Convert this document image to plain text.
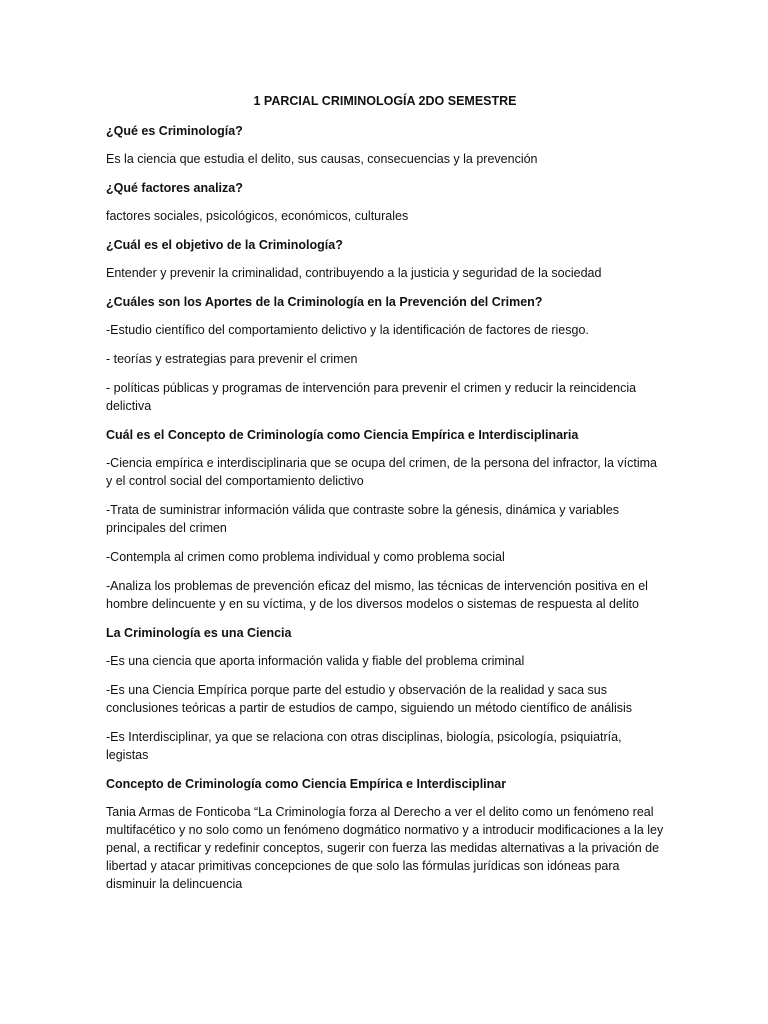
1 PARCIAL CRIMINOLOGÍA 2DO SEMESTRE
¿Qué es Criminología?
Es la ciencia que estudia el delito, sus causas, consecuencias y la prevención
¿Qué factores analiza?
factores sociales, psicológicos, económicos, culturales
¿Cuál es el objetivo de la Criminología?
Entender y prevenir la criminalidad, contribuyendo a la justicia y seguridad de la sociedad
¿Cuáles son los Aportes de la Criminología en la Prevención del Crimen?
-Estudio científico del comportamiento delictivo y la identificación de factores de riesgo.
- teorías y estrategias para prevenir el crimen
- políticas públicas y programas de intervención para prevenir el crimen y reducir la reincidencia delictiva
Cuál es el Concepto de Criminología como Ciencia Empírica e Interdisciplinaria
-Ciencia empírica e interdisciplinaria que se ocupa del crimen, de la persona del infractor, la víctima y el control social del comportamiento delictivo
-Trata de suministrar información válida que contraste sobre la génesis, dinámica y variables principales del crimen
-Contempla al crimen como problema individual y como problema social
-Analiza los problemas de prevención eficaz del mismo, las técnicas de intervención positiva en el hombre delincuente y en su víctima, y de los diversos modelos o sistemas de respuesta al delito
La Criminología es una Ciencia
-Es una ciencia que aporta información valida y fiable del problema criminal
-Es una Ciencia Empírica porque parte del estudio y observación de la realidad y saca sus conclusiones teóricas a partir de estudios de campo, siguiendo un método científico de análisis
-Es Interdisciplinar, ya que se relaciona con otras disciplinas, biología, psicología, psiquiatría, legistas
Concepto de Criminología como Ciencia Empírica e Interdisciplinar
Tania Armas de Fonticoba “La Criminología forza al Derecho a ver el delito como un fenómeno real multifacético y no solo como un fenómeno dogmático normativo y a introducir modificaciones a la ley penal, a rectificar y redefinir conceptos, sugerir con fuerza las medidas alternativas a la privación de libertad y atacar primitivas concepciones de que solo las fórmulas jurídicas son idóneas para disminuir la delincuencia
